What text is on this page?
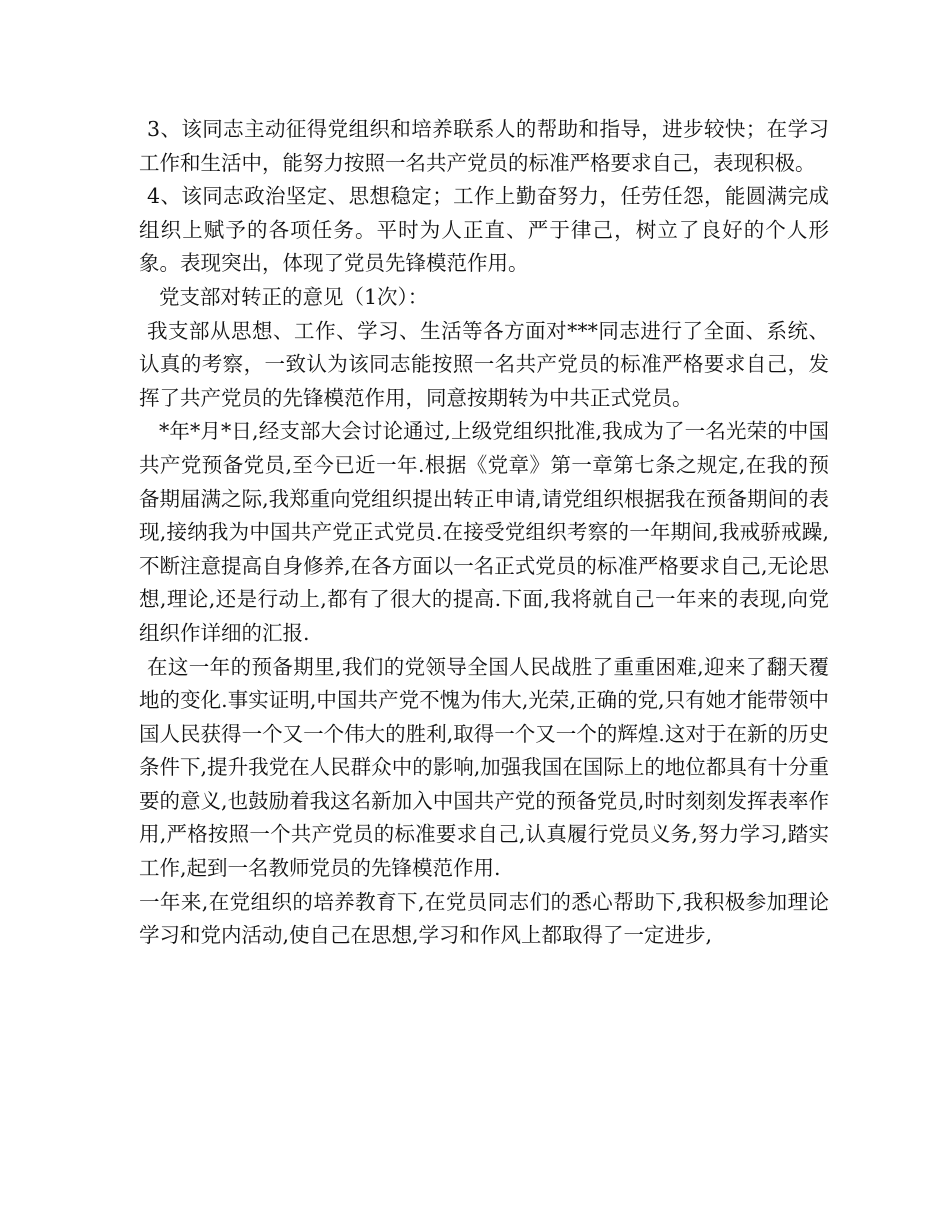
3、该同志主动征得党组织和培养联系人的帮助和指导，进步较快；在学习工作和生活中，能努力按照一名共产党员的标准严格要求自己，表现积极。

4、该同志政治坚定、思想稳定；工作上勤奋努力，任劳任怨，能圆满完成组织上赋予的各项任务。平时为人正直、严于律己，树立了良好的个人形象。表现突出，体现了党员先锋模范作用。

党支部对转正的意见（1次）：

我支部从思想、工作、学习、生活等各方面对***同志进行了全面、系统、认真的考察，一致认为该同志能按照一名共产党员的标准严格要求自己，发挥了共产党员的先锋模范作用，同意按期转为中共正式党员。

*年*月*日,经支部大会讨论通过,上级党组织批准,我成为了一名光荣的中国共产党预备党员,至今已近一年.根据《党章》第一章第七条之规定,在我的预备期届满之际,我郑重向党组织提出转正申请,请党组织根据我在预备期间的表现,接纳我为中国共产党正式党员.在接受党组织考察的一年期间,我戒骄戒躁,不断注意提高自身修养,在各方面以一名正式党员的标准严格要求自己,无论思想,理论,还是行动上,都有了很大的提高.下面,我将就自己一年来的表现,向党组织作详细的汇报.

在这一年的预备期里,我们的党领导全国人民战胜了重重困难,迎来了翻天覆地的变化.事实证明,中国共产党不愧为伟大,光荣,正确的党,只有她才能带领中国人民获得一个又一个伟大的胜利,取得一个又一个的辉煌.这对于在新的历史条件下,提升我党在人民群众中的影响,加强我国在国际上的地位都具有十分重要的意义,也鼓励着我这名新加入中国共产党的预备党员,时时刻刻发挥表率作用,严格按照一个共产党员的标准要求自己,认真履行党员义务,努力学习,踏实工作,起到一名教师党员的先锋模范作用.

一年来,在党组织的培养教育下,在党员同志们的悉心帮助下,我积极参加理论学习和党内活动,使自己在思想,学习和作风上都取得了一定进步,
